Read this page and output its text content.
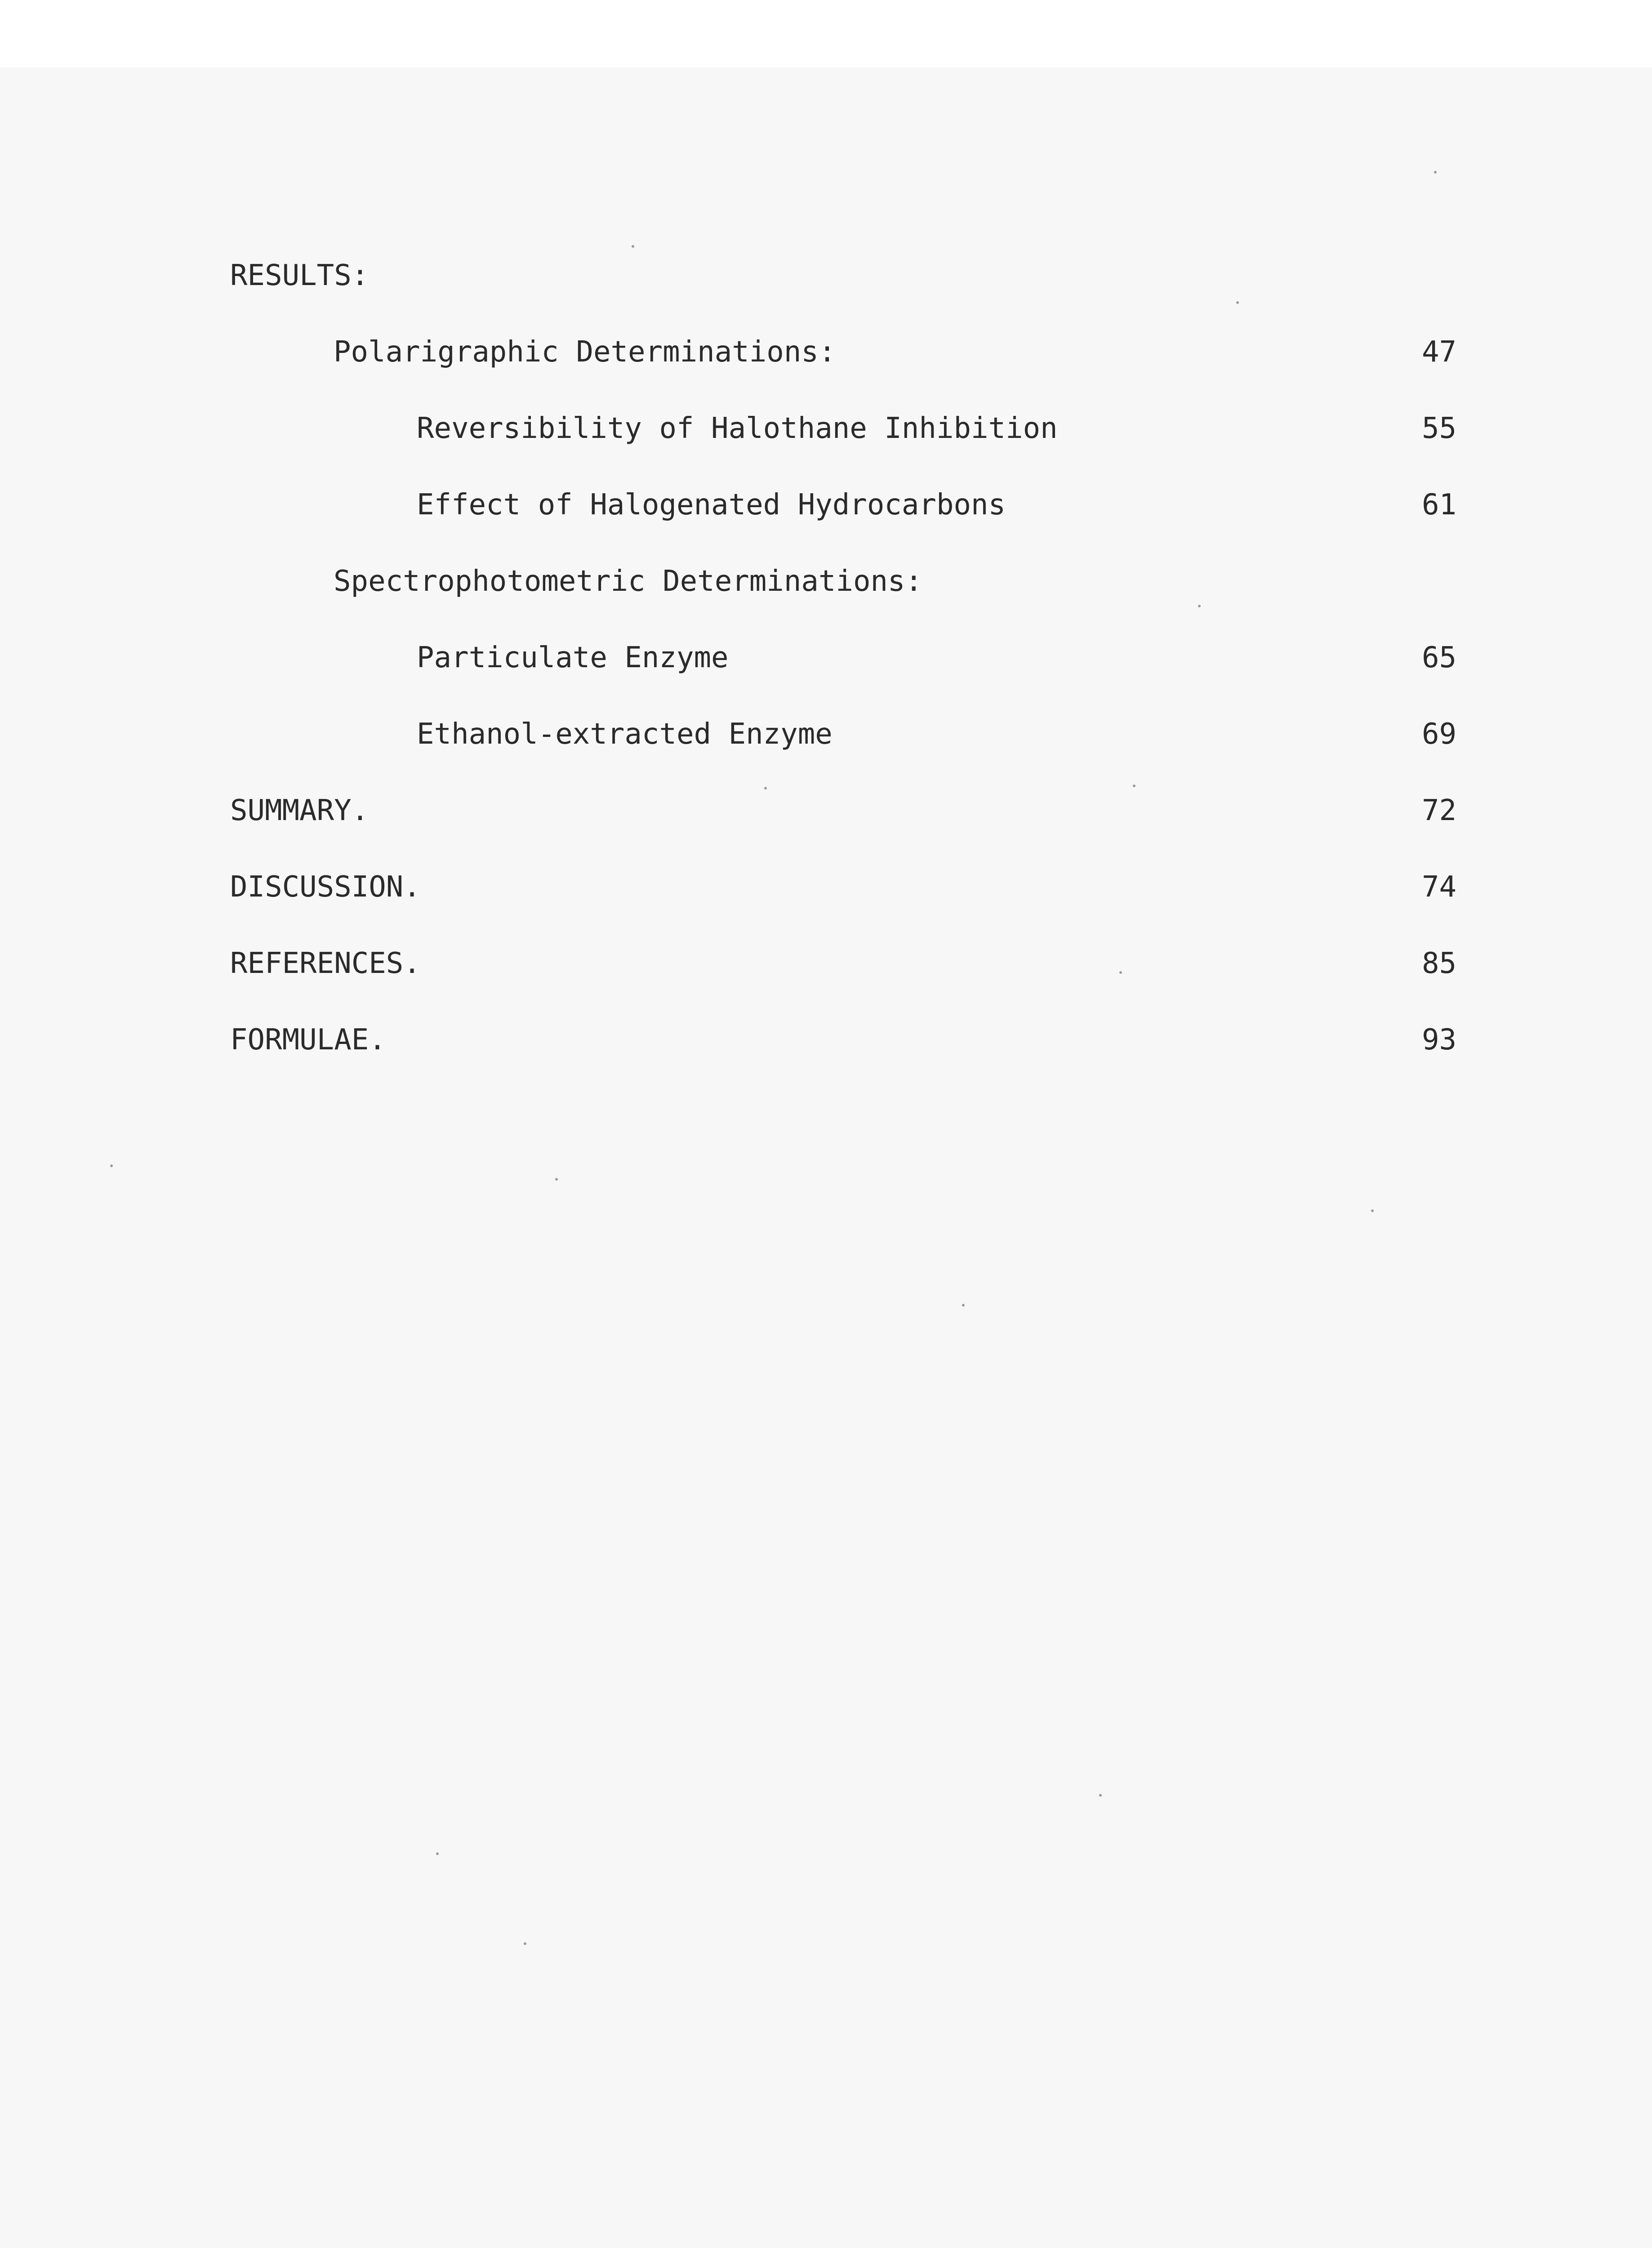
RESULTS:
Polarigraphic Determinations:	47
Reversibility of Halothane Inhibition	55
Effect of Halogenated Hydrocarbons	61
Spectrophotometric Determinations:
Particulate Enzyme	65
Ethanol-extracted Enzyme	69
SUMMARY.	72
DISCUSSION.	74
REFERENCES.	85
FORMULAE.	93
